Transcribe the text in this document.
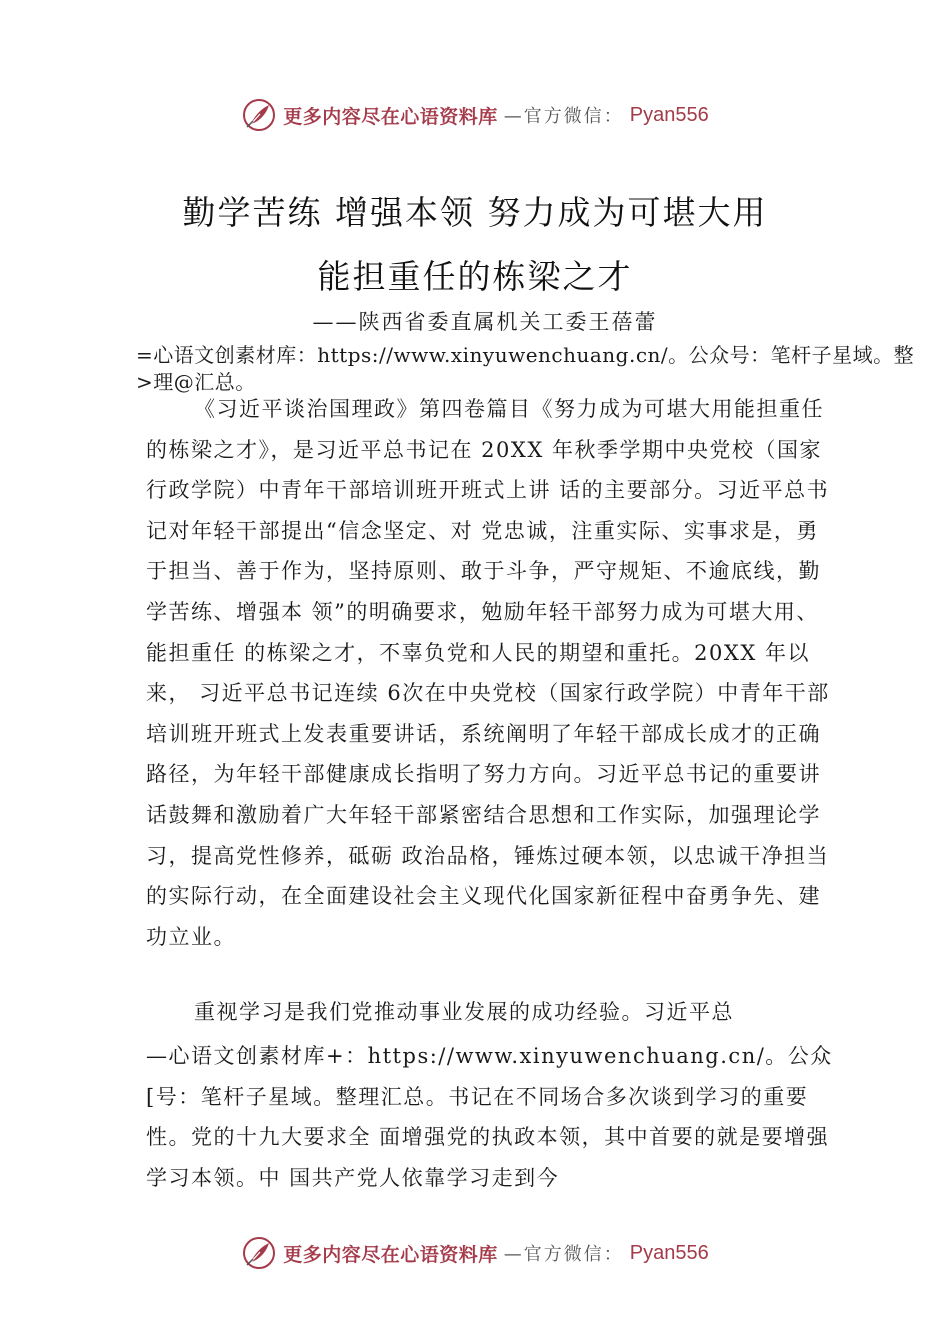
更多内容尽在心语资料库 —官方微信： Pyan556
勤学苦练 增强本领 努力成为可堪大用
能担重任的栋梁之才
——陕西省委直属机关工委王蓓蕾

=心语文创素材库：https://www.xinyuwenchuang.cn/。公众号：笔杆子星域。整>理@汇总。

《习近平谈治国理政》第四卷篇目《努力成为可堪大用能担重任的栋梁之才》，是习近平总书记在 20XX 年秋季学期中央党校（国家行政学院）中青年干部培训班开班式上讲 话的主要部分。习近平总书记对年轻干部提出“信念坚定、对 党忠诚，注重实际、实事求是，勇于担当、善于作为，坚持原则、敢于斗争，严守规矩、不逾底线，勤学苦练、增强本 领”的明确要求，勉励年轻干部努力成为可堪大用、能担重任 的栋梁之才，不辜负党和人民的期望和重托。20XX 年以来， 习近平总书记连续 6次在中央党校（国家行政学院）中青年干部培训班开班式上发表重要讲话，系统阐明了年轻干部成长成才的正确路径，为年轻干部健康成长指明了努力方向。习近平总书记的重要讲话鼓舞和激励着广大年轻干部紧密结合思想和工作实际，加强理论学习，提高党性修养，砥砺 政治品格，锤炼过硬本领，以忠诚干净担当的实际行动，在全面建设社会主义现代化国家新征程中奋勇争先、建功立业。

重视学习是我们党推动事业发展的成功经验。习近平总

—心语文创素材库+：https://www.xinyuwenchuang.cn/。公众[号：笔杆子星域。整理汇总。书记在不同场合多次谈到学习的重要性。党的十九大要求全 面增强党的执政本领，其中首要的就是要增强学习本领。中 国共产党人依靠学习走到今

更多内容尽在心语资料库 —官方微信： Pyan556
